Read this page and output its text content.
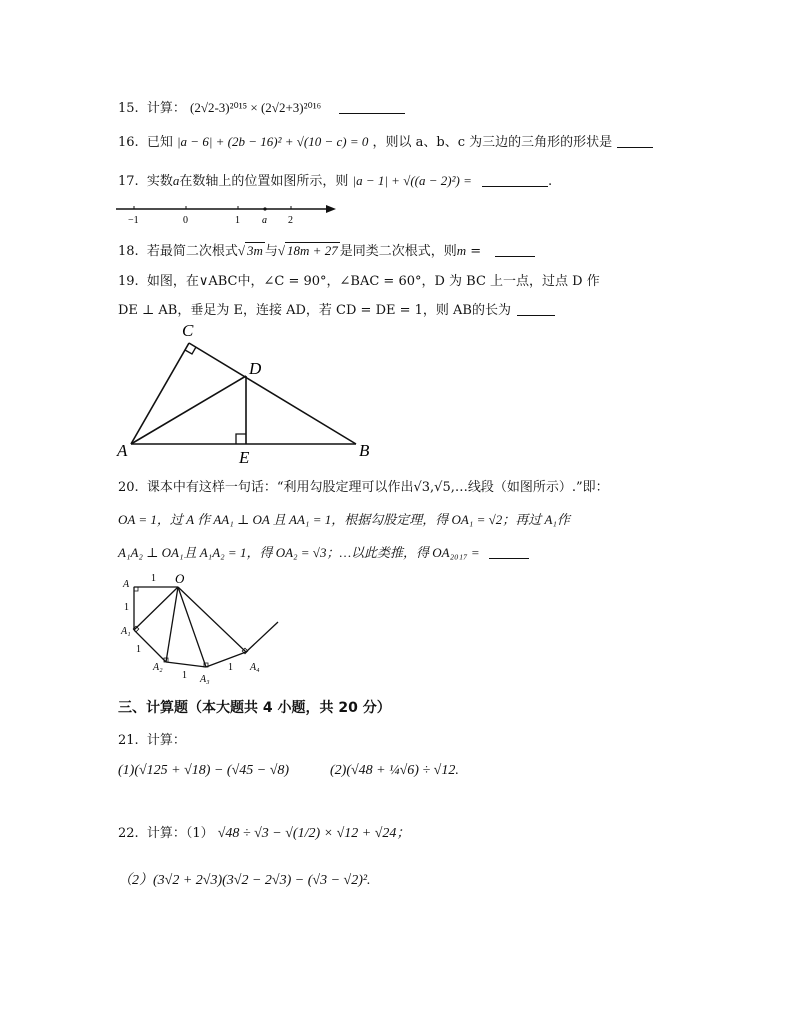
15. 计算： (2√2-3)²⁰¹⁵ × (2√2+3)²⁰¹⁶
16. 已知 |a − 6| + (2b − 16)² + √(10 − c) = 0 ，则以 a、b、c 为三边的三角形的形状是
17. 实数a在数轴上的位置如图所示，则 |a − 1| + √((a − 2)²) =	.
−1	0	1 a 2
18. 若最简二次根式√ 3m 与√ 18m + 27 是同类二次根式，则m =
19. 如图，在∨ABC中，∠C = 90°，∠BAC = 60°，D 为 BC 上一点，过点 D 作
DE ⊥ AB，垂足为 E，连接 AD，若 CD = DE = 1，则 AB的长为
C
D
A	E	B
20. 课本中有这样一句话：“利用勾股定理可以作出√3,√5,…线段（如图所示）.”即：
OA = 1，过 A 作 AA₁ ⊥ OA 且 AA₁ = 1，根据勾股定理，得 OA₁ = √2；再过 A₁作
A₁A₂ ⊥ OA₁且 A₁A₂ = 1，得 OA₂ = √3；…以此类推，得 OA₂₀₁₇ =
A
1 O
1
A₁
1
A₂
1 A₃
1 A₄
三、计算题（本大题共 4 小题，共 20 分）
21. 计算：
(1)(√125 + √18) − (√45 − √8)	(2)(√48 + ¼√6) ÷ √12.
22. 计算：（1） √48 ÷ √3 − √(1/2) × √12 + √24；
（2）(3√2 + 2√3)(3√2 − 2√3) − (√3 − √2)².
